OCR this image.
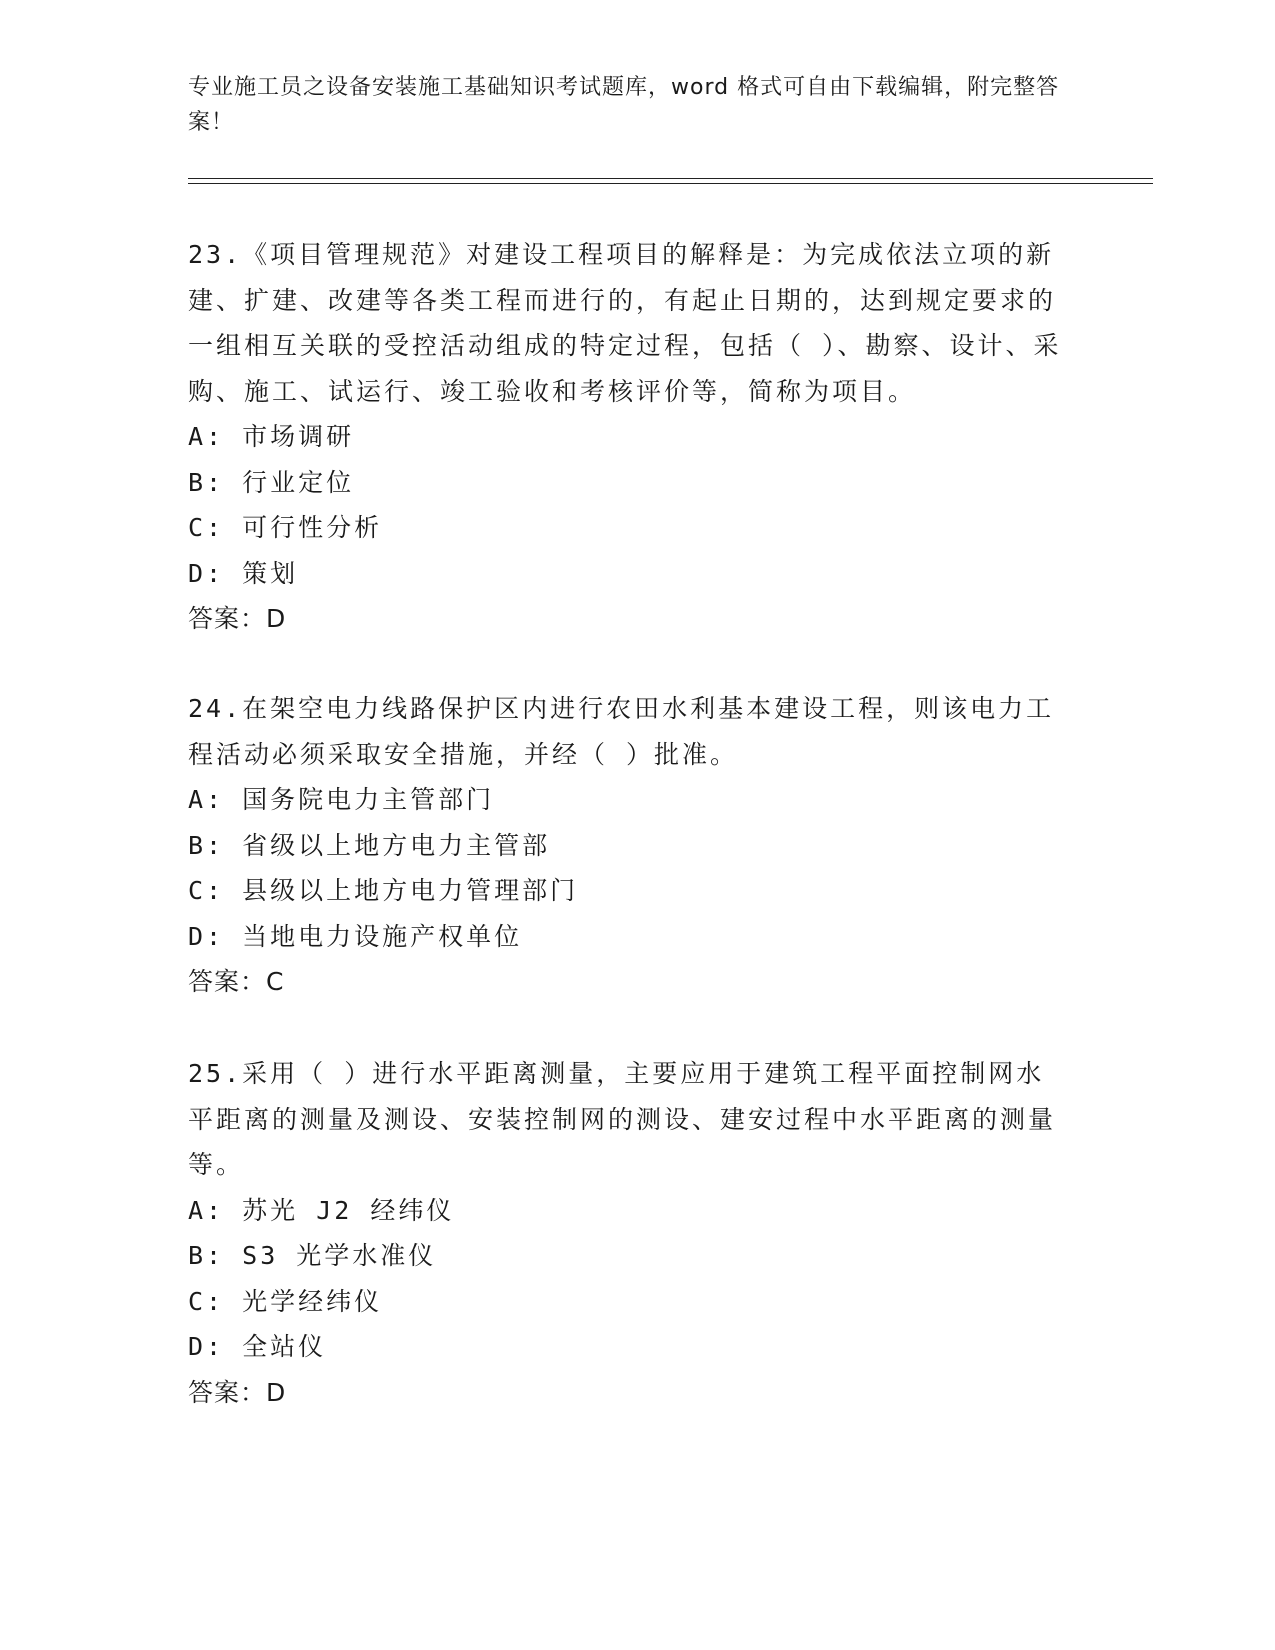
专业施工员之设备安装施工基础知识考试题库，word 格式可自由下载编辑，附完整答案！

23.《项目管理规范》对建设工程项目的解释是：为完成依法立项的新建、扩建、改建等各类工程而进行的，有起止日期的，达到规定要求的一组相互关联的受控活动组成的特定过程，包括（ ）、勘察、设计、采购、施工、试运行、竣工验收和考核评价等，简称为项目。

A: 市场调研

B: 行业定位

C: 可行性分析

D: 策划

答案：D

24.在架空电力线路保护区内进行农田水利基本建设工程，则该电力工程活动必须采取安全措施，并经（ ）批准。

A: 国务院电力主管部门

B: 省级以上地方电力主管部

C: 县级以上地方电力管理部门

D: 当地电力设施产权单位

答案：C

25.采用（ ）进行水平距离测量，主要应用于建筑工程平面控制网水平距离的测量及测设、安装控制网的测设、建安过程中水平距离的测量等。

A: 苏光 J2 经纬仪

B: S3 光学水准仪

C: 光学经纬仪

D: 全站仪

答案：D
